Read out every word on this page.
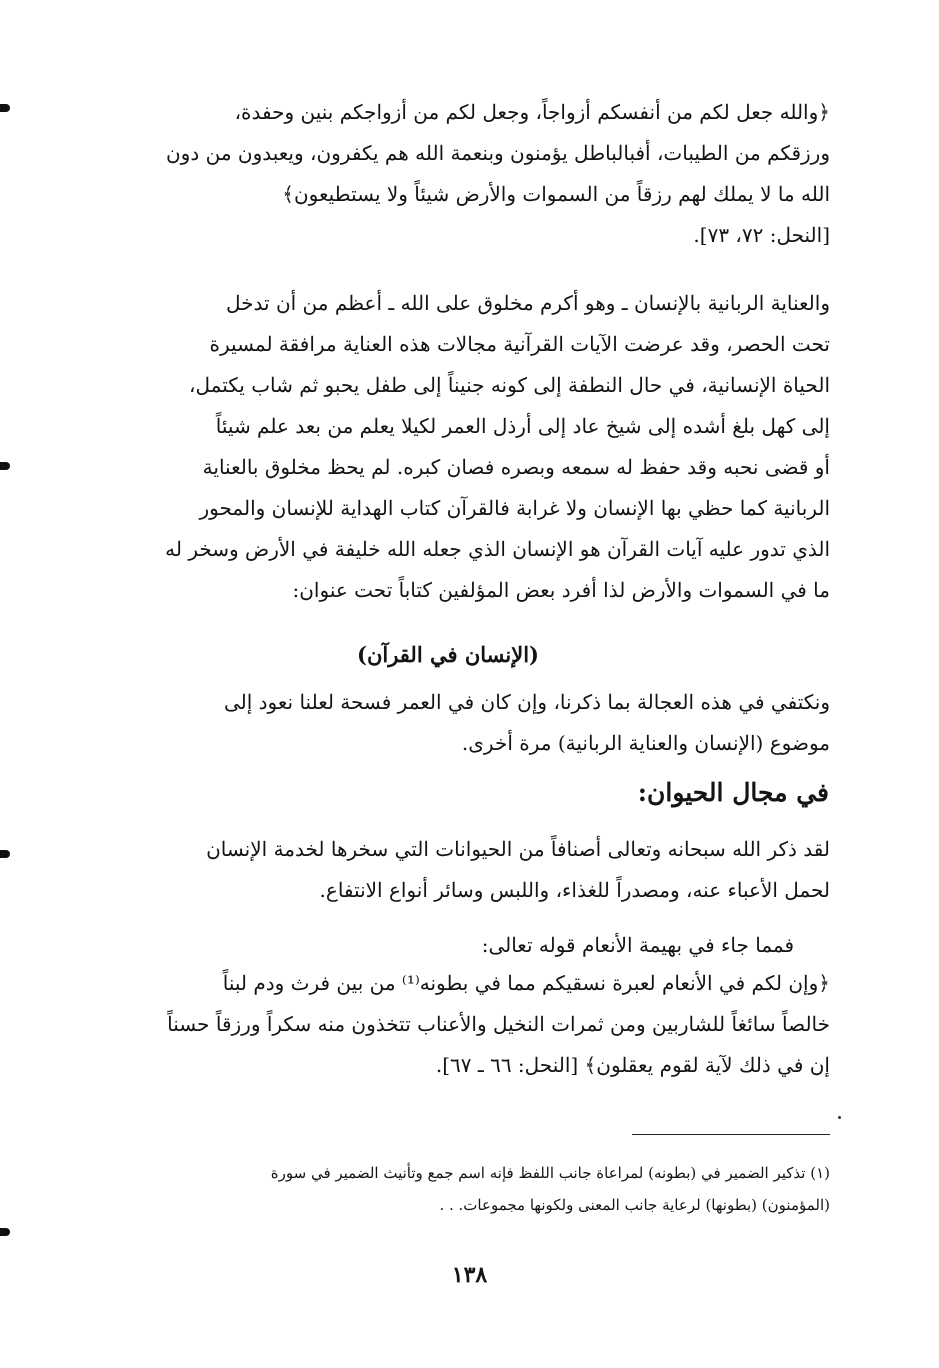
﴿والله جعل لكم من أنفسكم أزواجاً، وجعل لكم من أزواجكم بنين وحفدة،
ورزقكم من الطيبات، أفبالباطل يؤمنون وبنعمة الله هم يكفرون، ويعبدون من دون
الله ما لا يملك لهم رزقاً من السموات والأرض شيئاً ولا يستطيعون﴾
[النحل: ٧٢، ٧٣].
والعناية الربانية بالإنسان ـ وهو أكرم مخلوق على الله ـ أعظم من أن تدخل
تحت الحصر، وقد عرضت الآيات القرآنية مجالات هذه العناية مرافقة لمسيرة
الحياة الإنسانية، في حال النطفة إلى كونه جنيناً إلى طفل يحبو ثم شاب يكتمل،
إلى كهل بلغ أشده إلى شيخ عاد إلى أرذل العمر لكيلا يعلم من بعد علم شيئاً
أو قضى نحبه وقد حفظ له سمعه وبصره فصان كبره. لم يحظ مخلوق بالعناية
الربانية كما حظي بها الإنسان ولا غرابة فالقرآن كتاب الهداية للإنسان والمحور
الذي تدور عليه آيات القرآن هو الإنسان الذي جعله الله خليفة في الأرض وسخر له
ما في السموات والأرض لذا أفرد بعض المؤلفين كتاباً تحت عنوان:
(الإنسان في القرآن)
ونكتفي في هذه العجالة بما ذكرنا، وإن كان في العمر فسحة لعلنا نعود إلى
موضوع (الإنسان والعناية الربانية) مرة أخرى.
في مجال الحيوان:
لقد ذكر الله سبحانه وتعالى أصنافاً من الحيوانات التي سخرها لخدمة الإنسان
لحمل الأعباء عنه، ومصدراً للغذاء، واللبس وسائر أنواع الانتفاع.
فمما جاء في بهيمة الأنعام قوله تعالى:
﴿وإن لكم في الأنعام لعبرة نسقيكم مما في بطونه⁽¹⁾ من بين فرث ودم لبناً
خالصاً سائغاً للشاربين ومن ثمرات النخيل والأعناب تتخذون منه سكراً ورزقاً حسناً
إن في ذلك لآية لقوم يعقلون﴾ [النحل: ٦٦ ـ ٦٧].
(١) تذكير الضمير في (بطونه) لمراعاة جانب اللفظ فإنه اسم جمع وتأنيث الضمير في سورة
(المؤمنون) (بطونها) لرعاية جانب المعنى ولكونها مجموعات. . .
١٣٨
